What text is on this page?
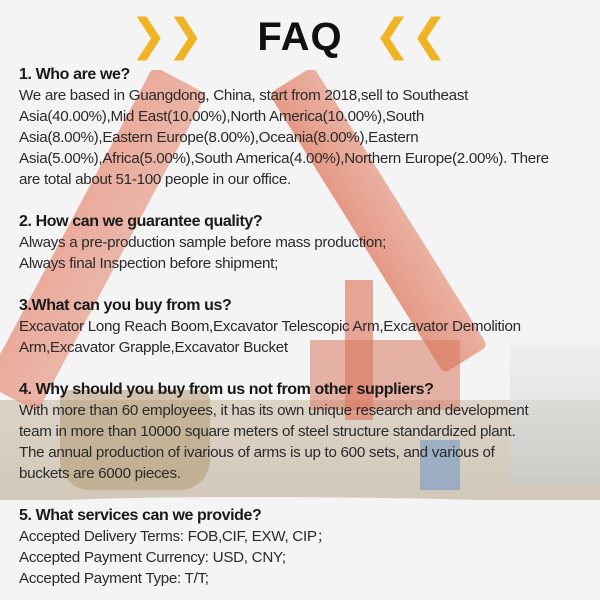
❯❯	FAQ ❮❮
1. Who are we?
We are based in Guangdong, China, start from 2018,sell to Southeast
Asia(40.00%),Mid East(10.00%),North America(10.00%),South
Asia(8.00%),Eastern Europe(8.00%),Oceania(8.00%),Eastern
Asia(5.00%),Africa(5.00%),South America(4.00%),Northern Europe(2.00%). There
are total about 51-100 people in our office.
2. How can we guarantee quality?
Always a pre-production sample before mass production;
Always final Inspection before shipment;
3.What can you buy from us?
Excavator Long Reach Boom,Excavator Telescopic Arm,Excavator Demolition
Arm,Excavator Grapple,Excavator Bucket
4. Why should you buy from us not from other suppliers?
With more than 60 employees, it has its own unique research and development
team in more than 10000 square meters of steel structure standardized plant.
The annual production of ivarious of arms is up to 600 sets, and various of
buckets are 6000 pieces.
5. What services can we provide?
Accepted Delivery Terms: FOB,CIF, EXW, CIP；
Accepted Payment Currency: USD, CNY;
Accepted Payment Type: T/T;
